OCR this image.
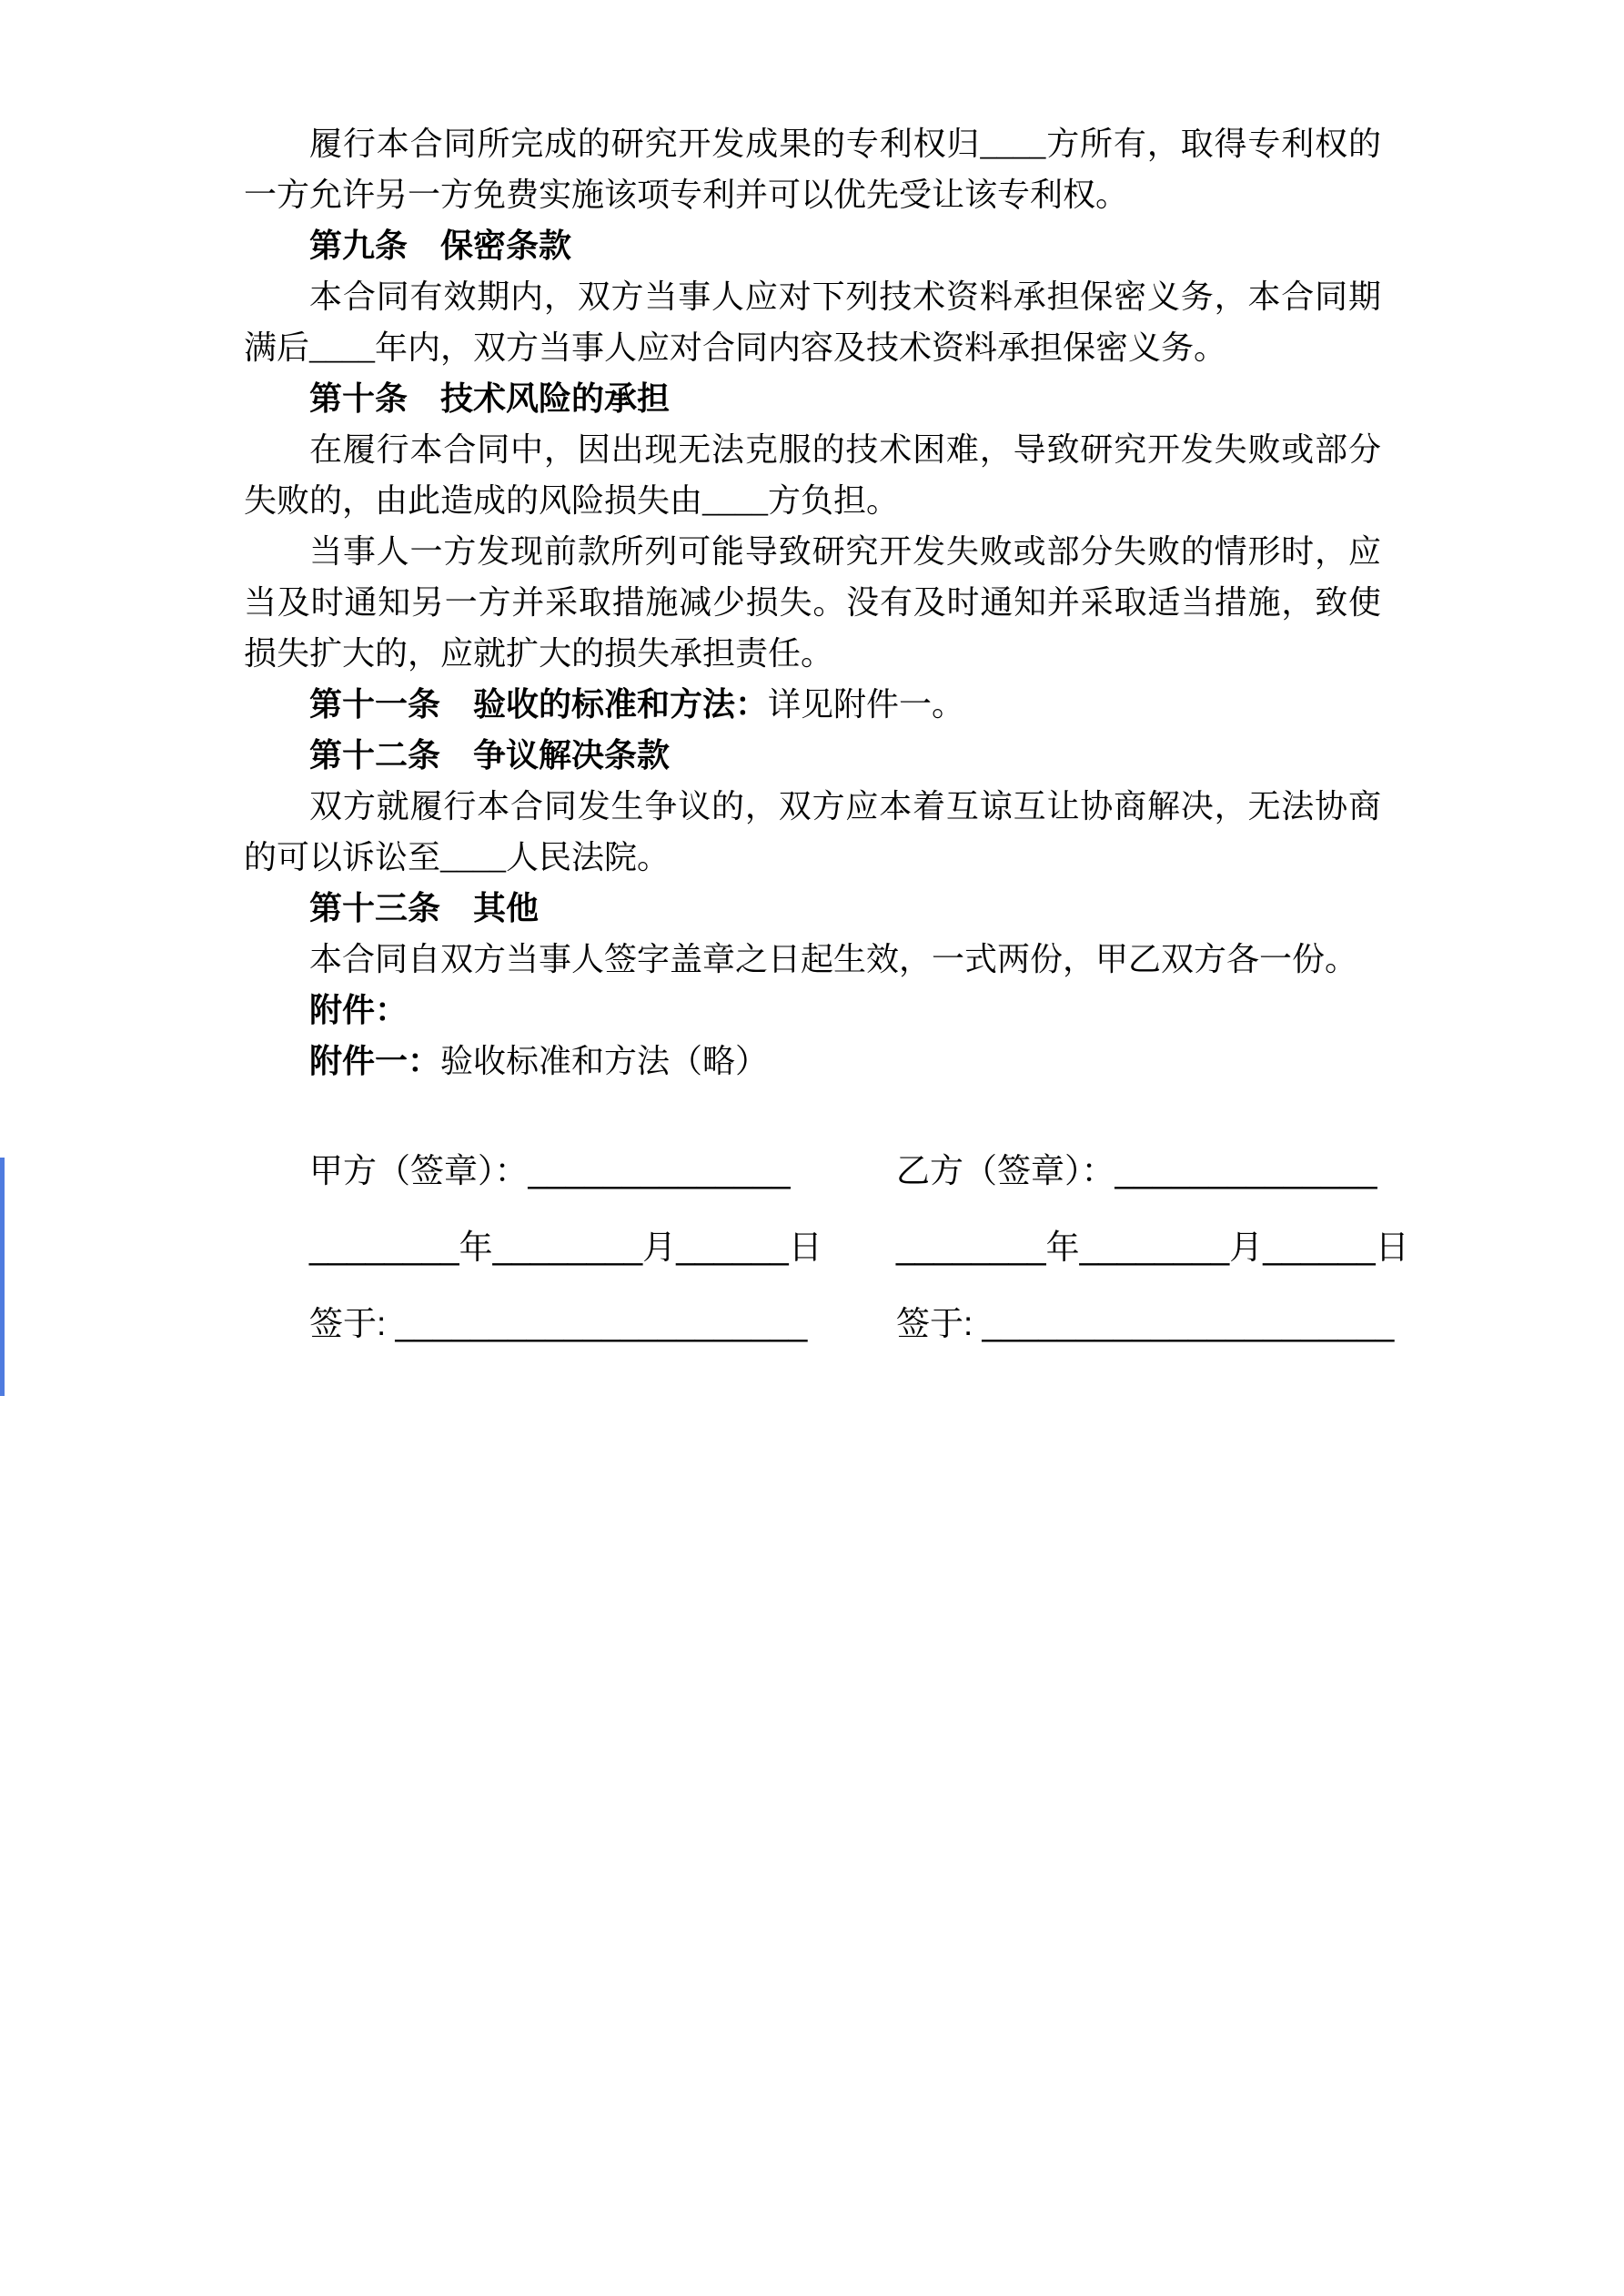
履行本合同所完成的研究开发成果的专利权归____方所有，取得专利权的一方允许另一方免费实施该项专利并可以优先受让该专利权。

第九条　保密条款

本合同有效期内，双方当事人应对下列技术资料承担保密义务，本合同期满后____年内，双方当事人应对合同内容及技术资料承担保密义务。

第十条　技术风险的承担

在履行本合同中，因出现无法克服的技术困难，导致研究开发失败或部分失败的，由此造成的风险损失由____方负担。

当事人一方发现前款所列可能导致研究开发失败或部分失败的情形时，应当及时通知另一方并采取措施减少损失。没有及时通知并采取适当措施，致使损失扩大的，应就扩大的损失承担责任。

第十一条　验收的标准和方法：详见附件一。

第十二条　争议解决条款

双方就履行本合同发生争议的，双方应本着互谅互让协商解决，无法协商的可以诉讼至____人民法院。

第十三条　其他

本合同自双方当事人签字盖章之日起生效，一式两份，甲乙双方各一份。

附件：

附件一：验收标准和方法（略）

甲方（签章）：______________	乙方（签章）：______________
________年________月______日	________年________月______日
签于: ______________________	签于: ______________________
